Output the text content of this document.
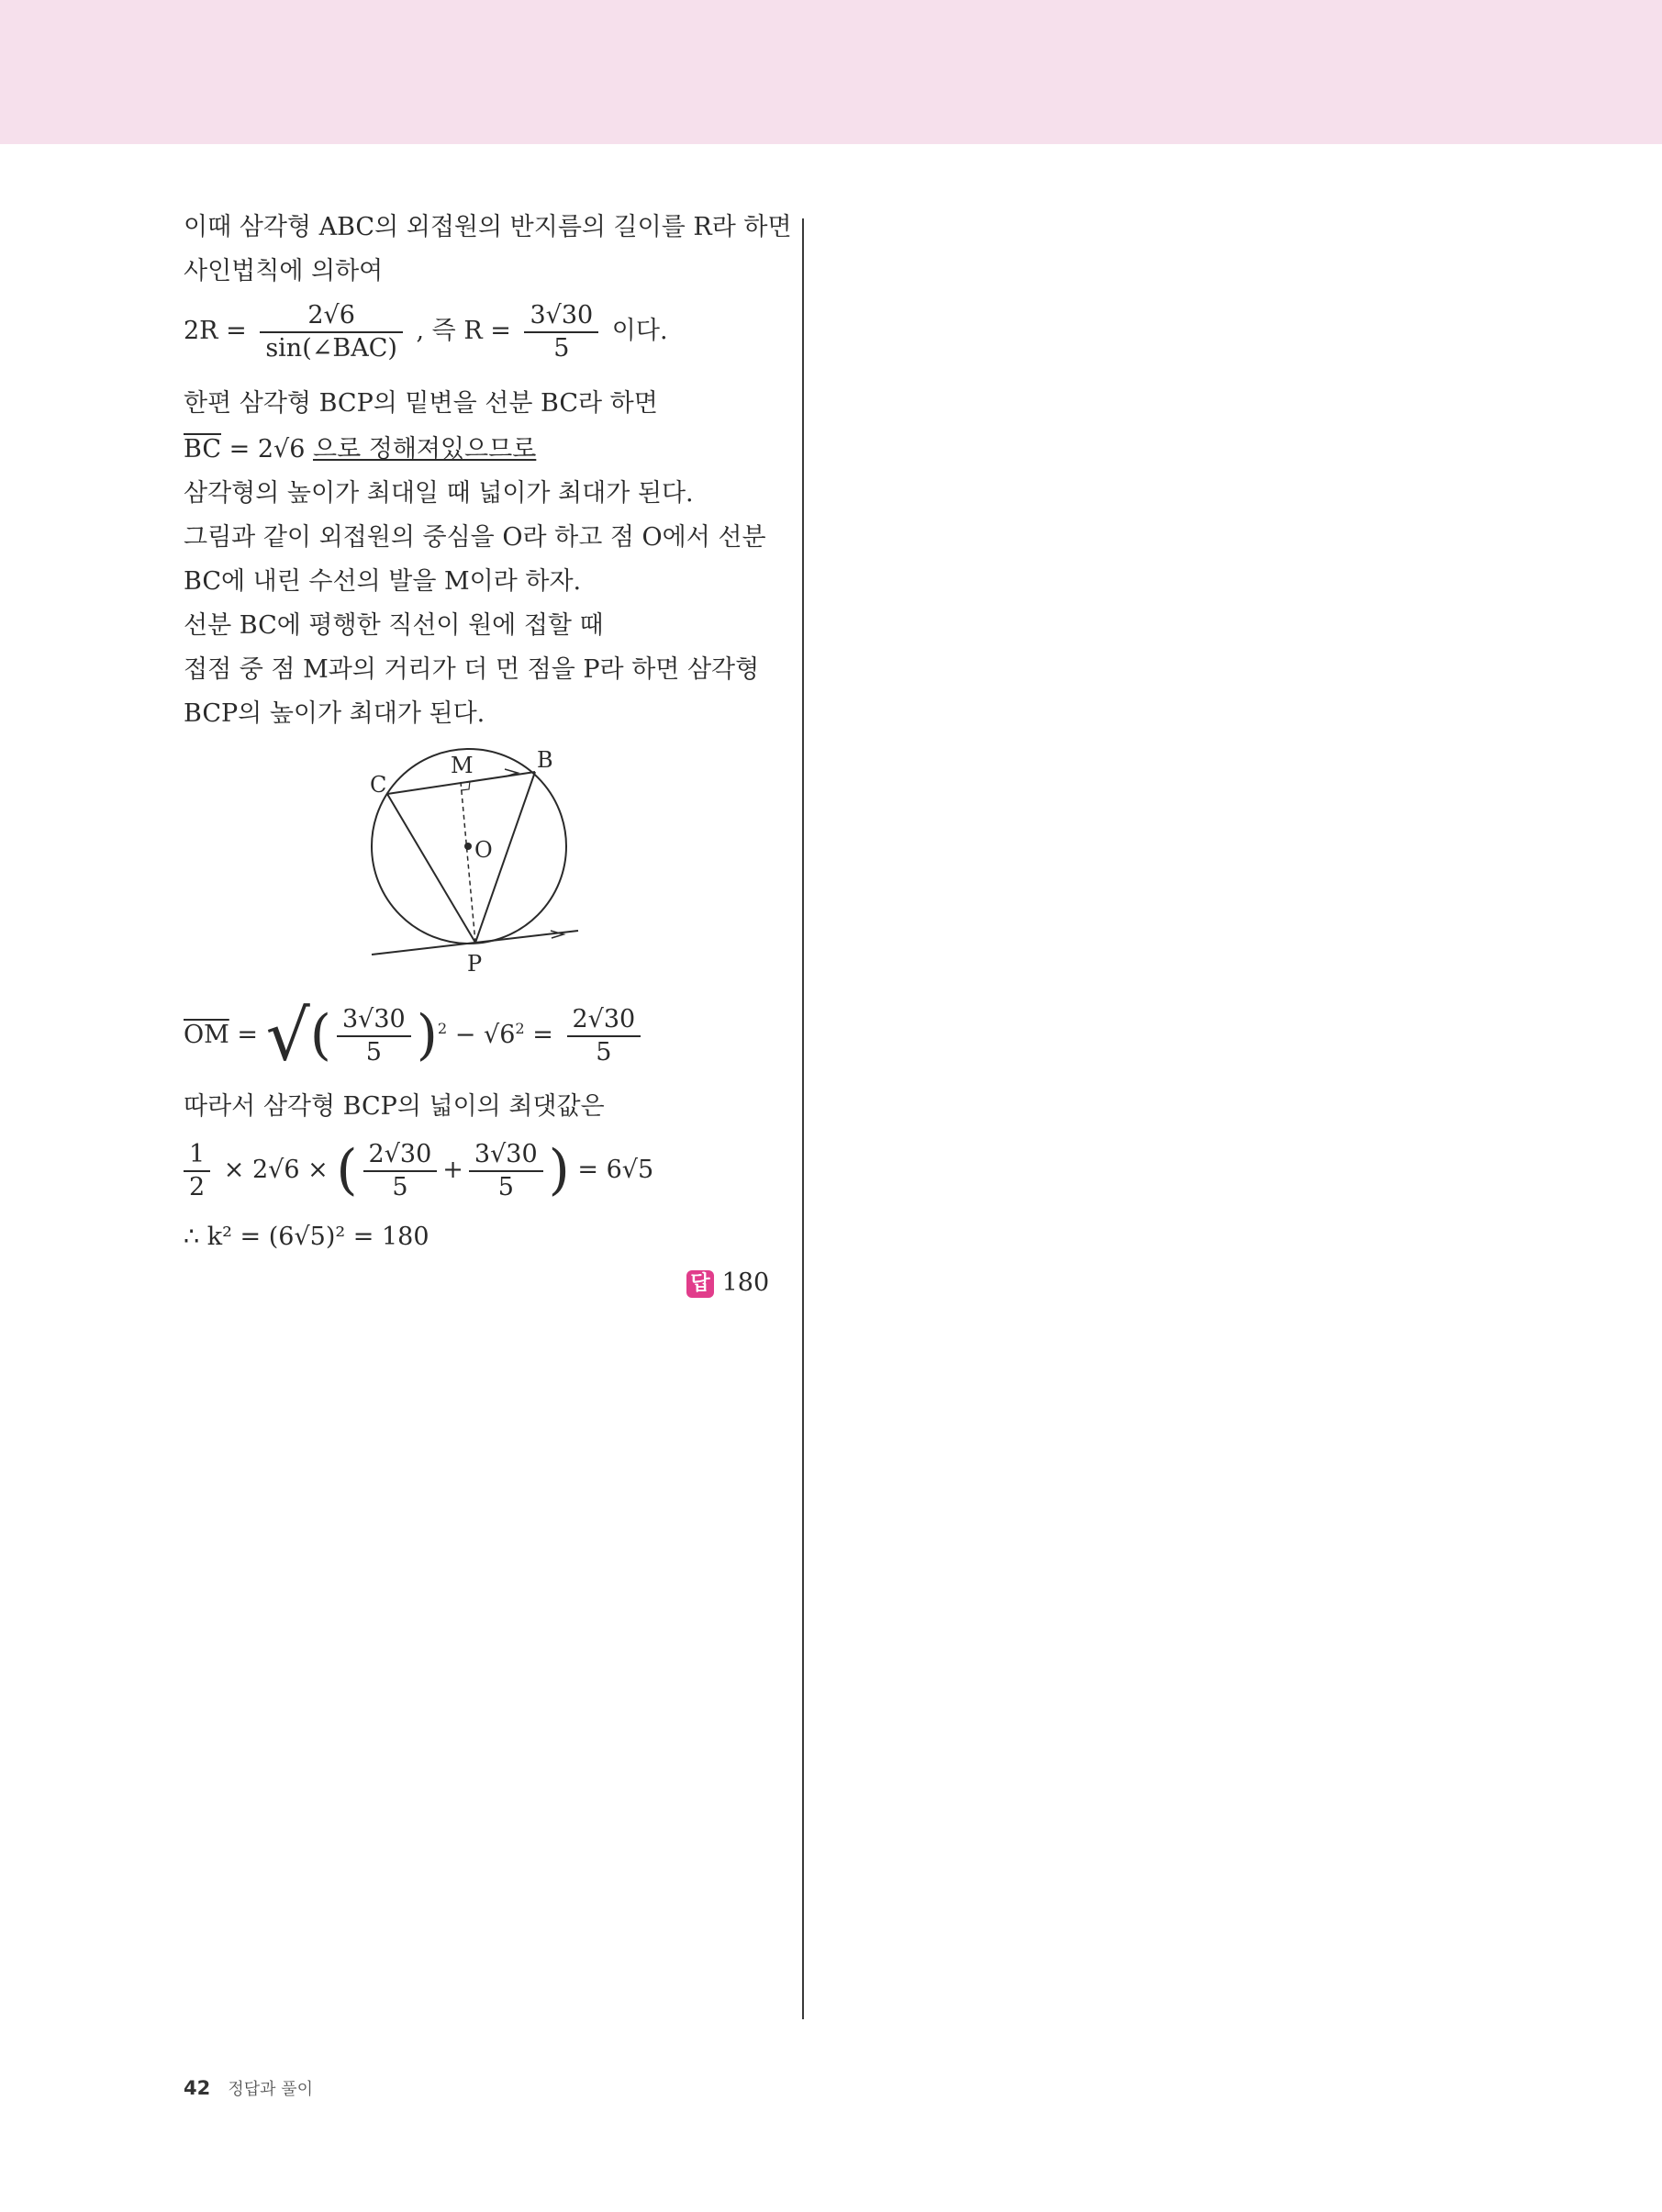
이때 삼각형 ABC의 외접원의 반지름의 길이를 R라 하면
사인법칙에 의하여
$2R = \frac{2√6}{\text{sin(∠BAC)}}$ , 즉 $R = \frac{3√30}{5}$ 이다.
한편 삼각형 BCP의 밑변을 선분 BC라 하면
$\overline{BC} = 2√6$ 으로 정해져있으므로
삼각형의 높이가 최대일 때 넓이가 최대가 된다.
그림과 같이 외접원의 중심을 O라 하고 점 O에서 선분
BC에 내린 수선의 발을 M이라 하자.
선분 BC에 평행한 직선이 원에 접할 때
접점 중 점 M과의 거리가 더 먼 점을 P라 하면 삼각형
BCP의 높이가 최대가 된다.
$\overline{OM}$ = √( $\frac{3√30}{5} )^2 - √6^2 = \frac{2√30}{5}$
따라서 삼각형 BCP의 넓이의 최댓값은
$\frac{1}{2} \times 2√6$ × ( $\frac{2√30}{5} + \frac{3√30}{5}$ ) = 6√5
∴ k² = (6√5)² = 180
답 180
C
M	B
O
P
42 정답과 풀이
